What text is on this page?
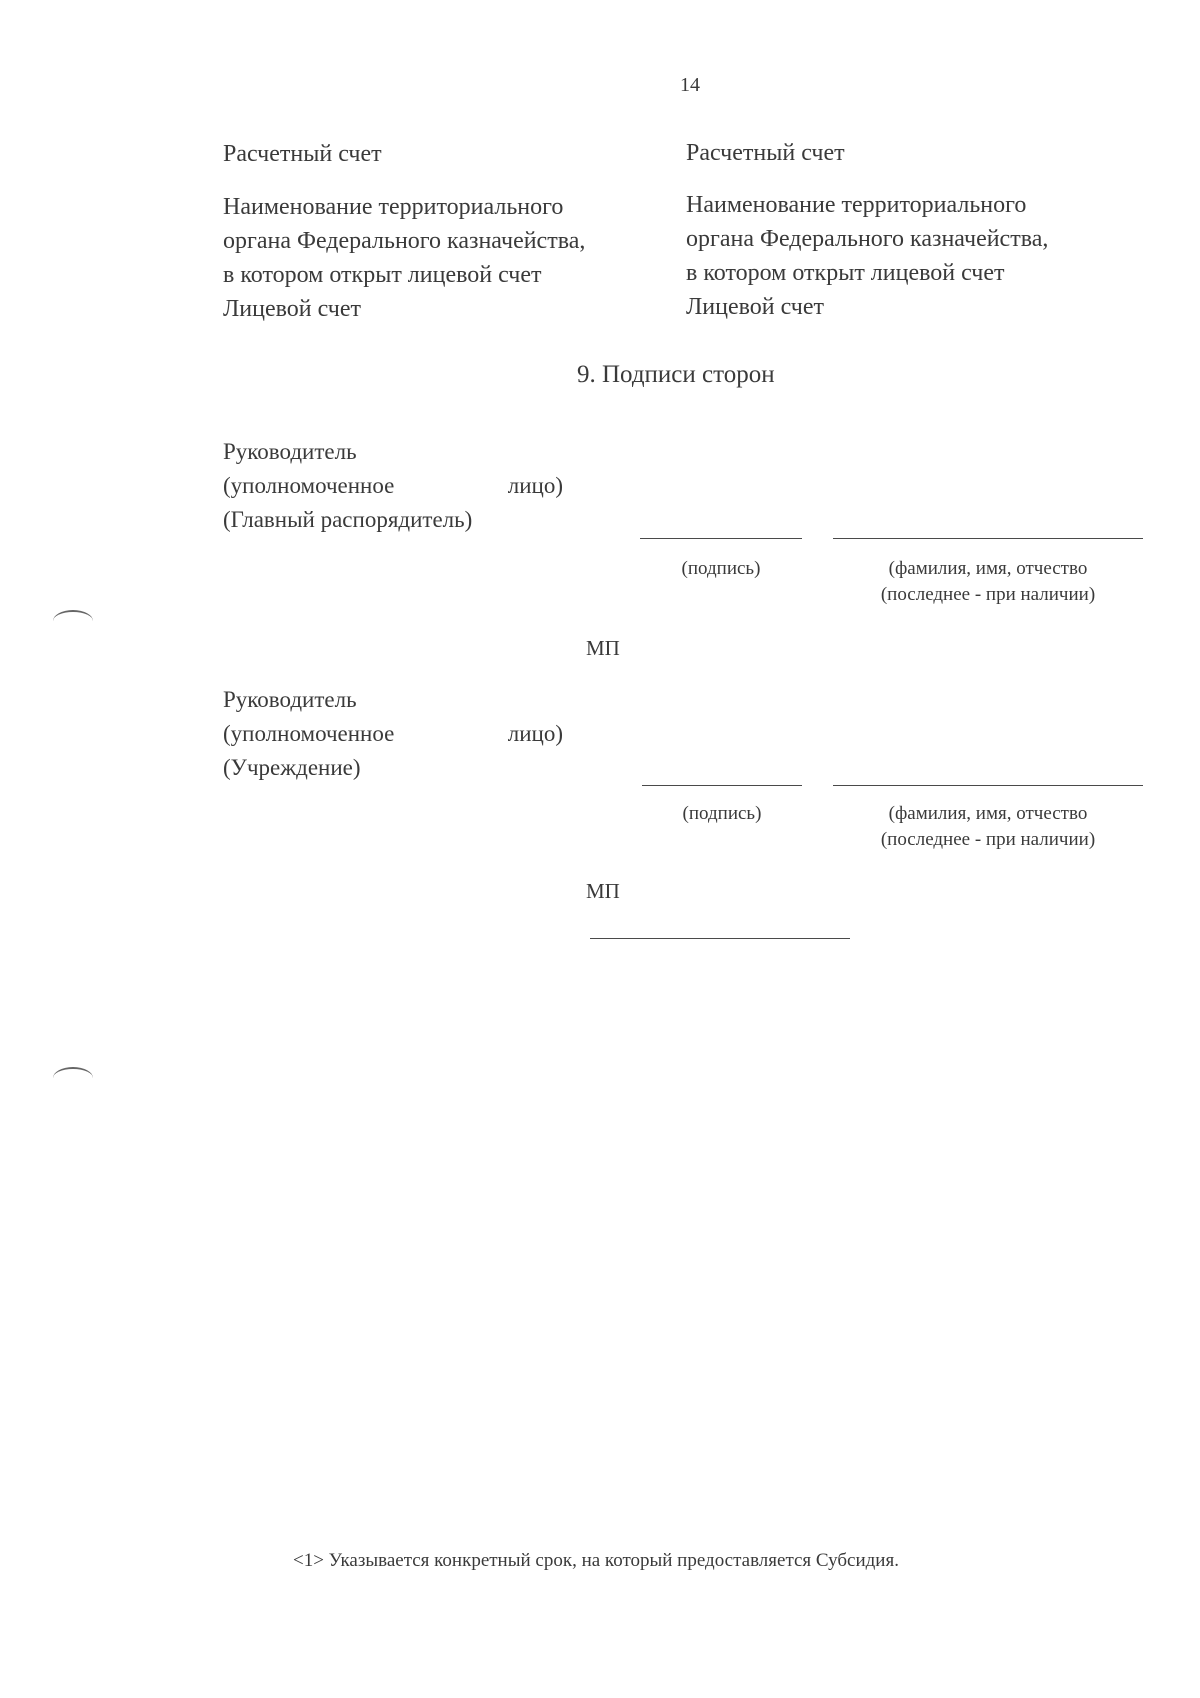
14
Расчетный счет
Наименование территориального
органа Федерального казначейства,
в котором открыт лицевой счет
Лицевой счет
Расчетный счет
Наименование территориального
органа Федерального казначейства,
в котором открыт лицевой счет
Лицевой счет
9. Подписи сторон
Руководитель
(уполномоченное	лицо)
(Главный распорядитель)
(подпись)	(фамилия, имя, отчество
(последнее - при наличии)
МП
Руководитель
(уполномоченное	лицо)
(Учреждение)
(подпись)	(фамилия, имя, отчество
(последнее - при наличии)
МП
<1> Указывается конкретный срок, на который предоставляется Субсидия.
